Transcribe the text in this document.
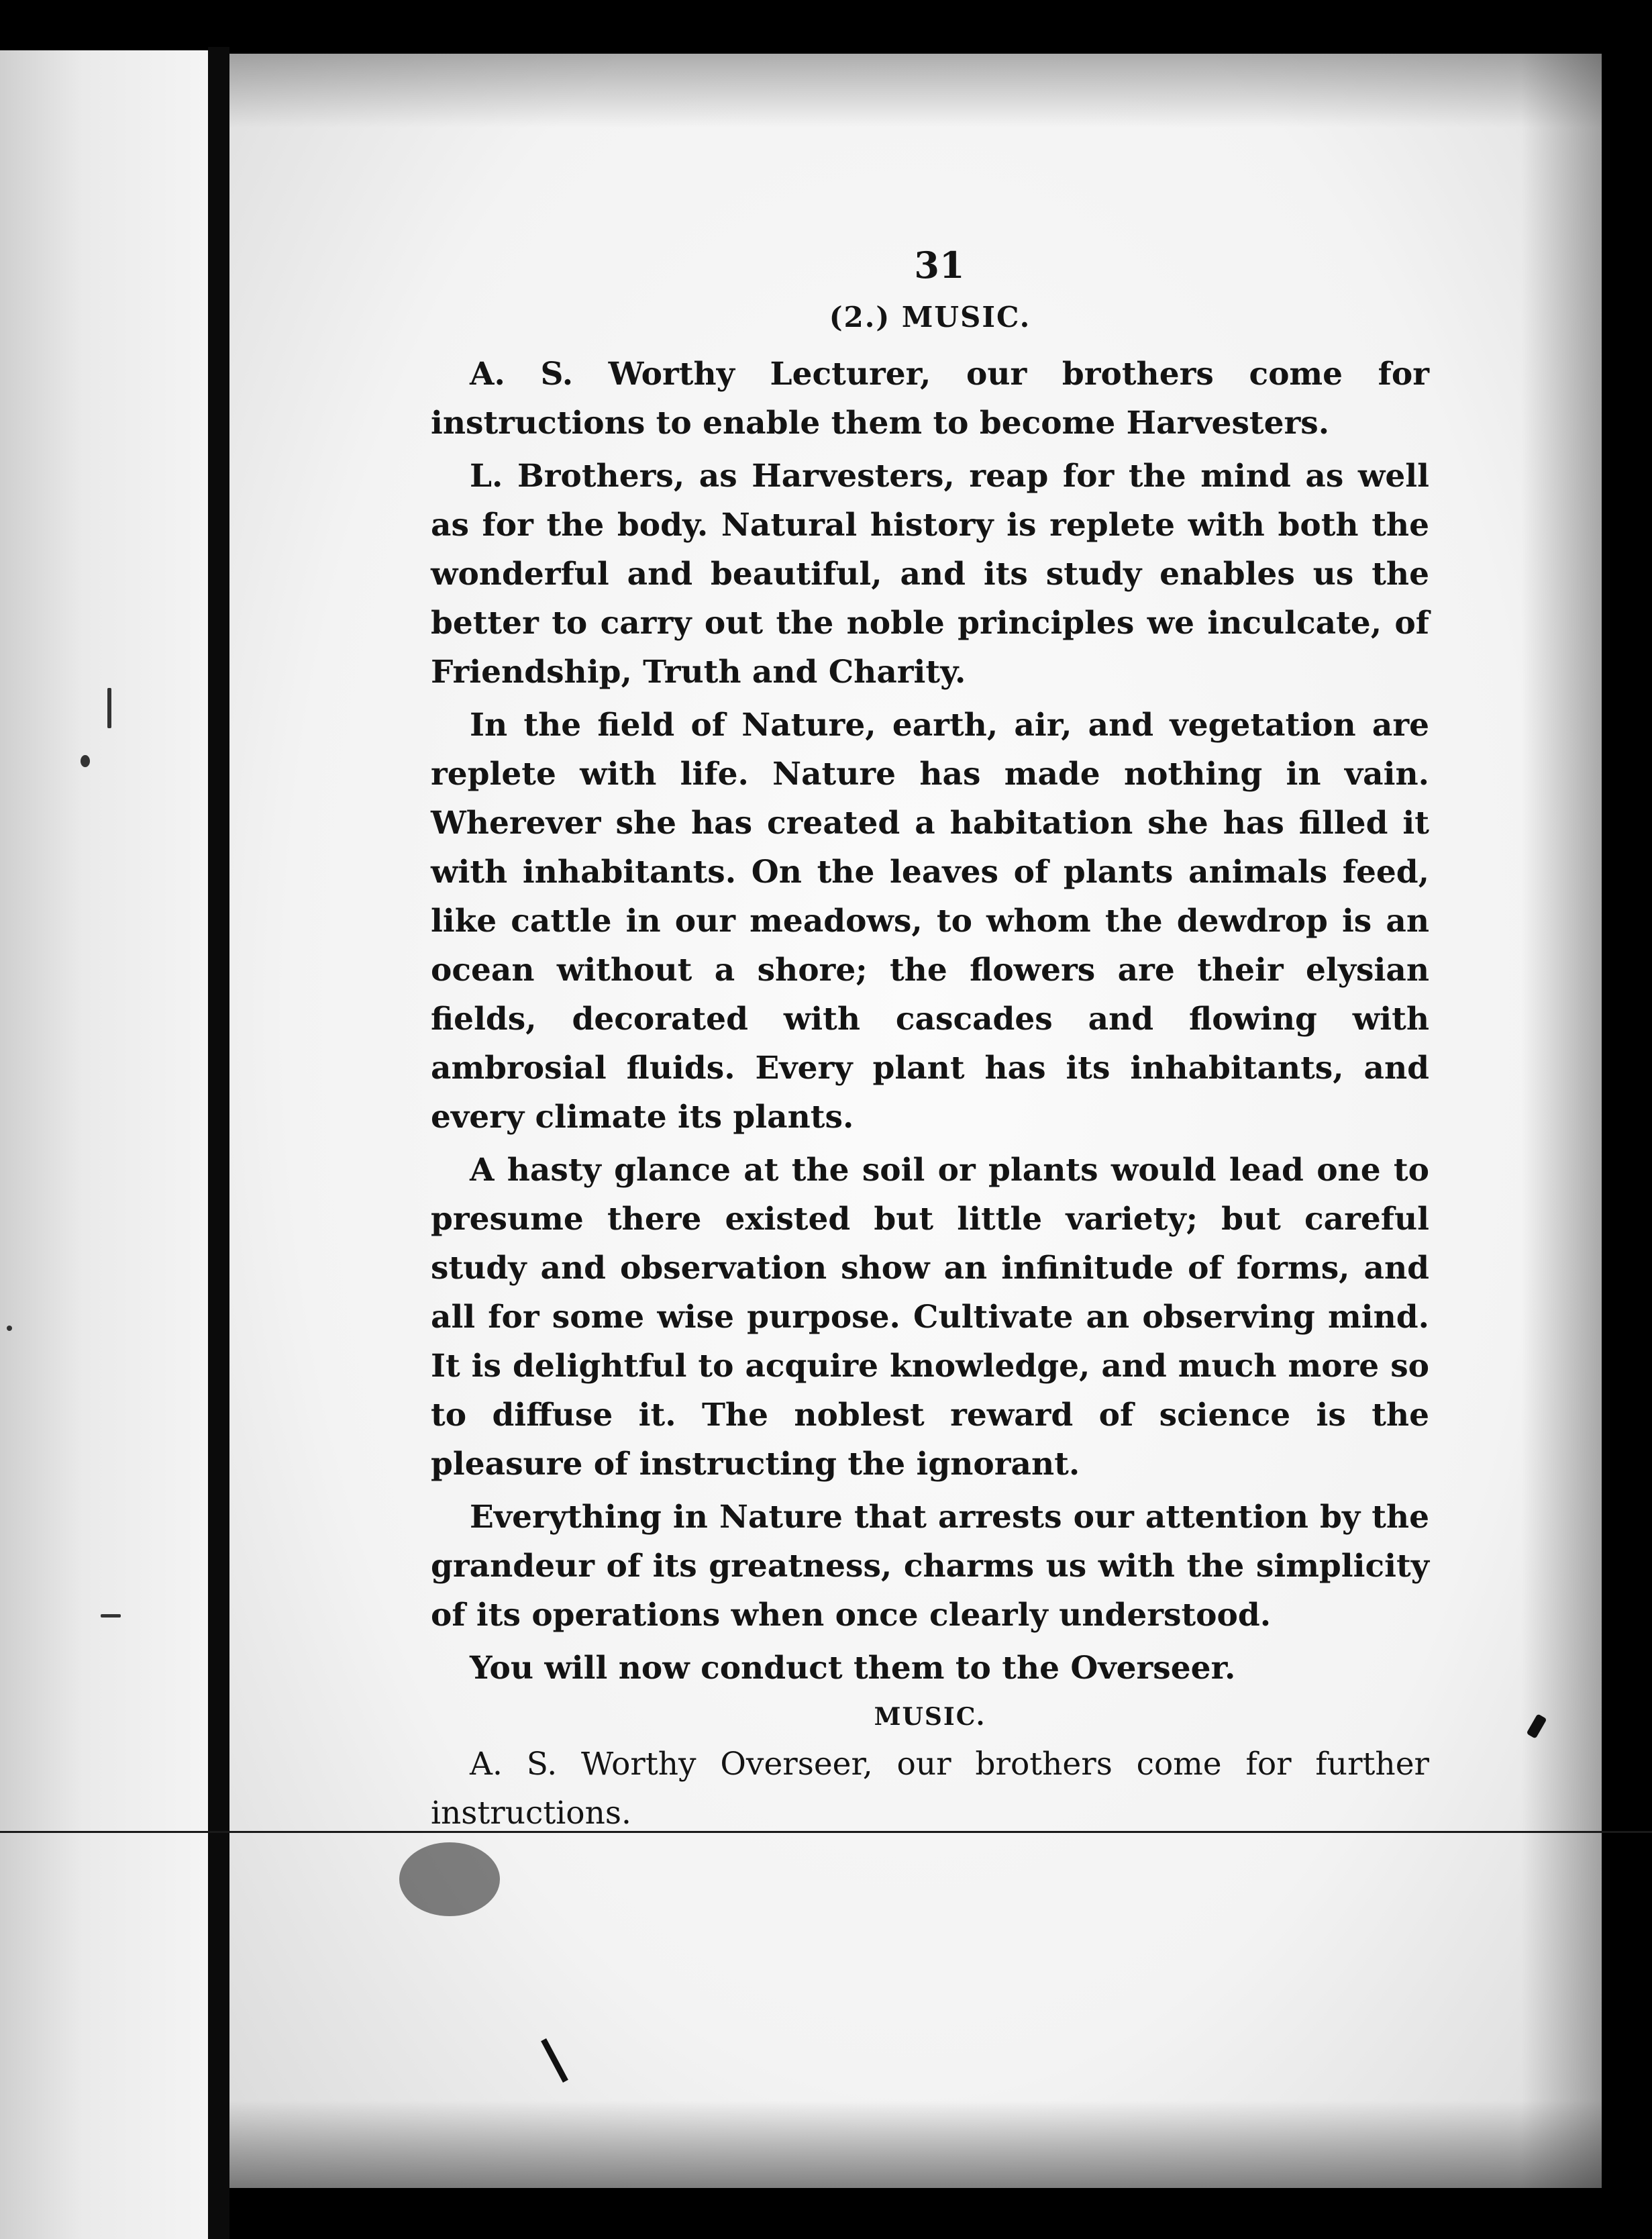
31
(2.) MUSIC.

A. S. Worthy Lecturer, our brothers come for instructions to enable them to become Harvesters.

L. Brothers, as Harvesters, reap for the mind as well as for the body. Natural history is replete with both the wonderful and beautiful, and its study enables us the better to carry out the noble principles we inculcate, of Friendship, Truth and Charity.

In the field of Nature, earth, air, and vegetation are replete with life. Nature has made nothing in vain. Wherever she has created a habitation she has filled it with inhabitants. On the leaves of plants animals feed, like cattle in our meadows, to whom the dewdrop is an ocean without a shore; the flowers are their elysian fields, decorated with cascades and flowing with ambrosial fluids. Every plant has its inhabitants, and every climate its plants.

A hasty glance at the soil or plants would lead one to presume there existed but little variety; but careful study and observation show an infinitude of forms, and all for some wise purpose. Cultivate an observing mind. It is delightful to acquire knowledge, and much more so to diffuse it. The noblest reward of science is the pleasure of instructing the ignorant.

Everything in Nature that arrests our attention by the grandeur of its greatness, charms us with the simplicity of its operations when once clearly understood.

You will now conduct them to the Overseer.

MUSIC.

A. S. Worthy Overseer, our brothers come for further instructions.
